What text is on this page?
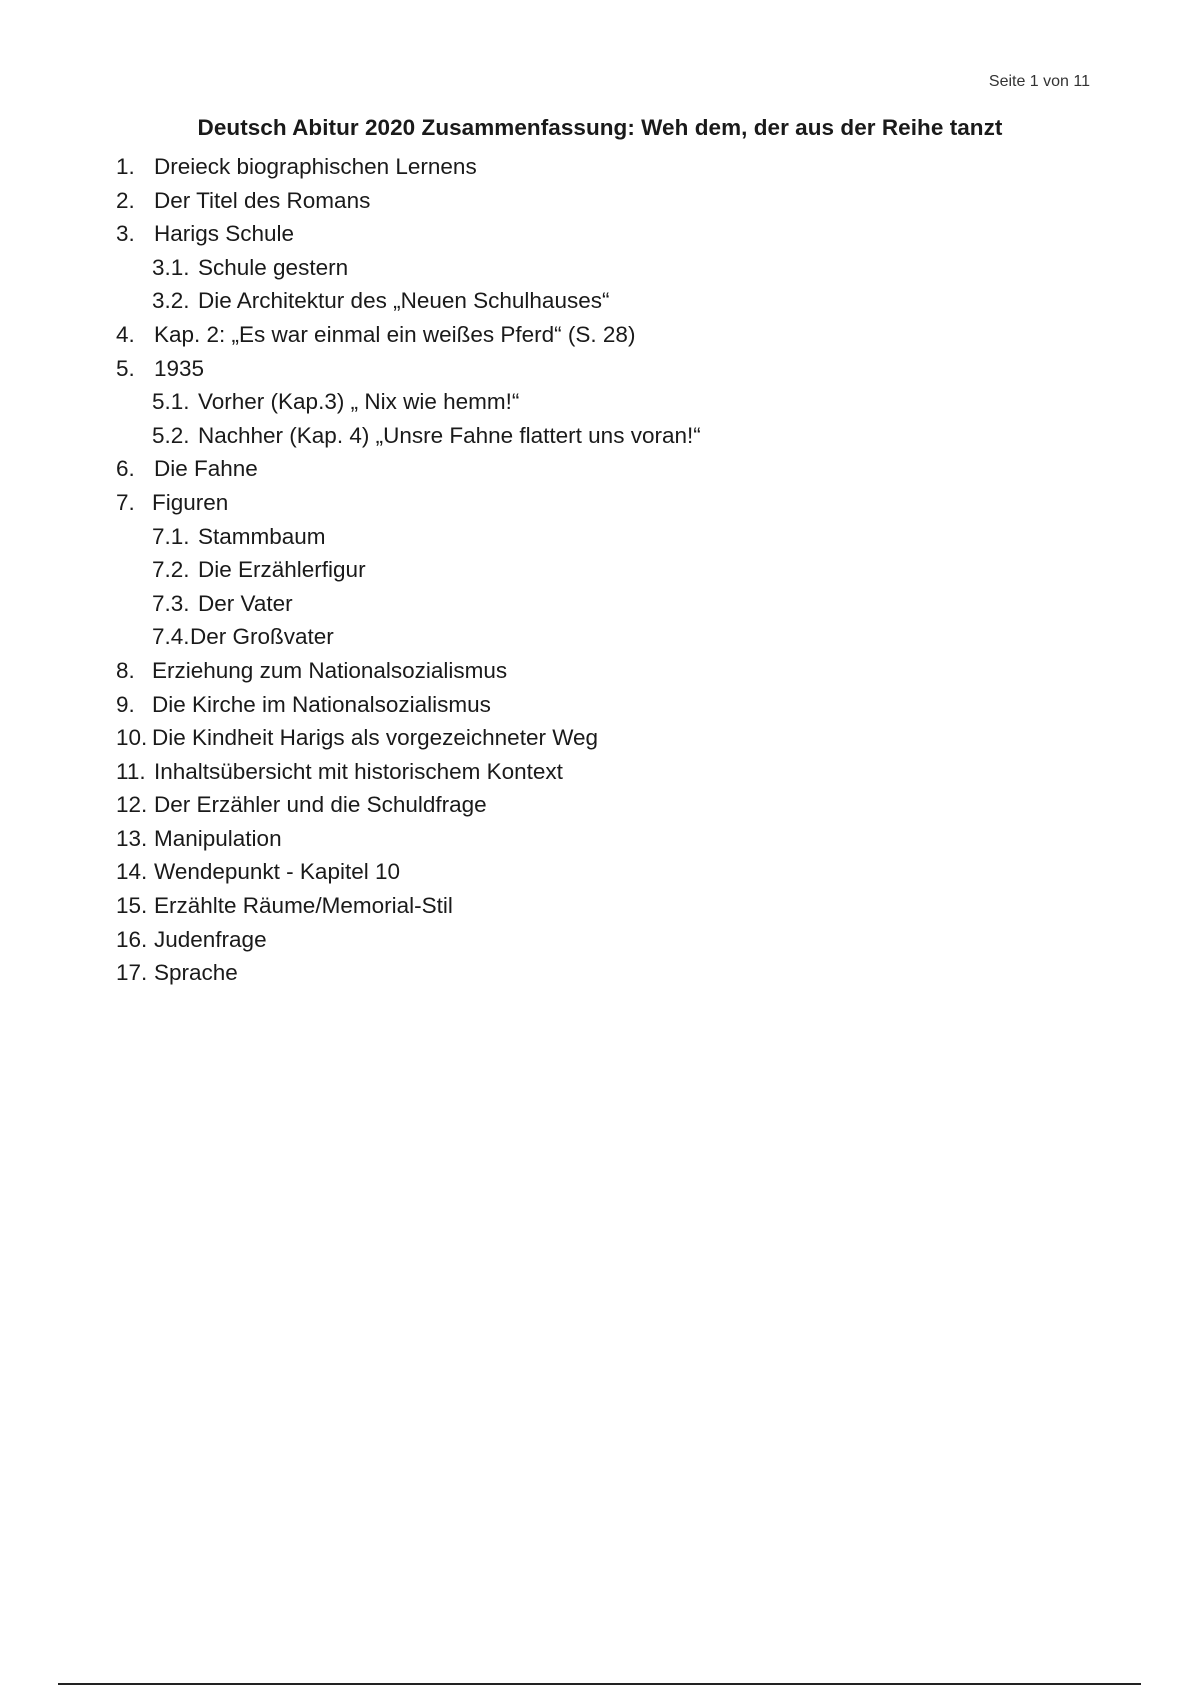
Seite 1 von 11
Deutsch Abitur 2020 Zusammenfassung: Weh dem, der aus der Reihe tanzt
1. Dreieck biographischen Lernens
2. Der Titel des Romans
3. Harigs Schule
3.1. Schule gestern
3.2. Die Architektur des „Neuen Schulhauses“
4. Kap. 2: „Es war einmal ein weißes Pferd“ (S. 28)
5. 1935
5.1. Vorher (Kap.3) „ Nix wie hemm!“
5.2. Nachher (Kap. 4) „Unsre Fahne flattert uns voran!“
6. Die Fahne
7. Figuren
7.1. Stammbaum
7.2. Die Erzählerfigur
7.3. Der Vater
7.4. Der Großvater
8. Erziehung zum Nationalsozialismus
9. Die Kirche im Nationalsozialismus
10. Die Kindheit Harigs als vorgezeichneter Weg
11. Inhaltsübersicht mit historischem Kontext
12. Der Erzähler und die Schuldfrage
13. Manipulation
14. Wendepunkt - Kapitel 10
15. Erzählte Räume/Memorial-Stil
16. Judenfrage
17. Sprache
